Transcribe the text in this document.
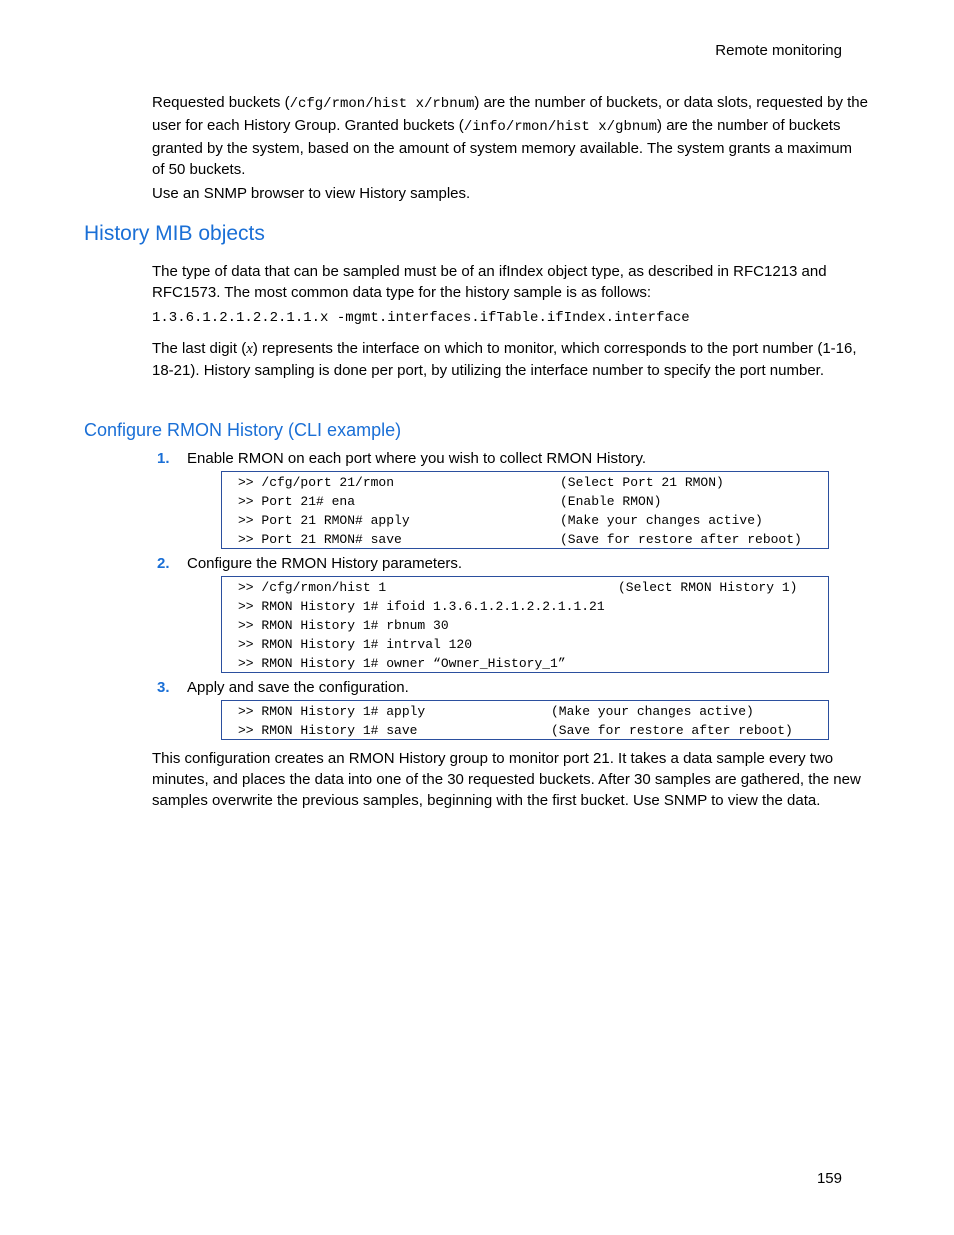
Remote monitoring

Requested buckets (/cfg/rmon/hist x/rbnum) are the number of buckets, or data slots, requested by the user for each History Group. Granted buckets (/info/rmon/hist x/gbnum) are the number of buckets granted by the system, based on the amount of system memory available. The system grants a maximum of 50 buckets.

Use an SNMP browser to view History samples.

History MIB objects

The type of data that can be sampled must be of an ifIndex object type, as described in RFC1213 and RFC1573. The most common data type for the history sample is as follows:

1.3.6.1.2.1.2.2.1.1.x -mgmt.interfaces.ifTable.ifIndex.interface

The last digit (x) represents the interface on which to monitor, which corresponds to the port number (1-16, 18-21). History sampling is done per port, by utilizing the interface number to specify the port number.

Configure RMON History (CLI example)
1.	Enable RMON on each port where you wish to collect RMON History.
>> /cfg/port 21/rmon	(Select Port 21 RMON)
>> Port 21# ena	(Enable RMON)
>> Port 21 RMON# apply	(Make your changes active)
>> Port 21 RMON# save	(Save for restore after reboot)
2.	Configure the RMON History parameters.
>> /cfg/rmon/hist 1	(Select RMON History 1)
>> RMON History 1# ifoid 1.3.6.1.2.1.2.2.1.1.21
>> RMON History 1# rbnum 30
>> RMON History 1# intrval 120
>> RMON History 1# owner “Owner_History_1”
3.	Apply and save the configuration.
>> RMON History 1# apply	(Make your changes active)
>> RMON History 1# save	(Save for restore after reboot)

This configuration creates an RMON History group to monitor port 21. It takes a data sample every two minutes, and places the data into one of the 30 requested buckets. After 30 samples are gathered, the new samples overwrite the previous samples, beginning with the first bucket. Use SNMP to view the data.

159
